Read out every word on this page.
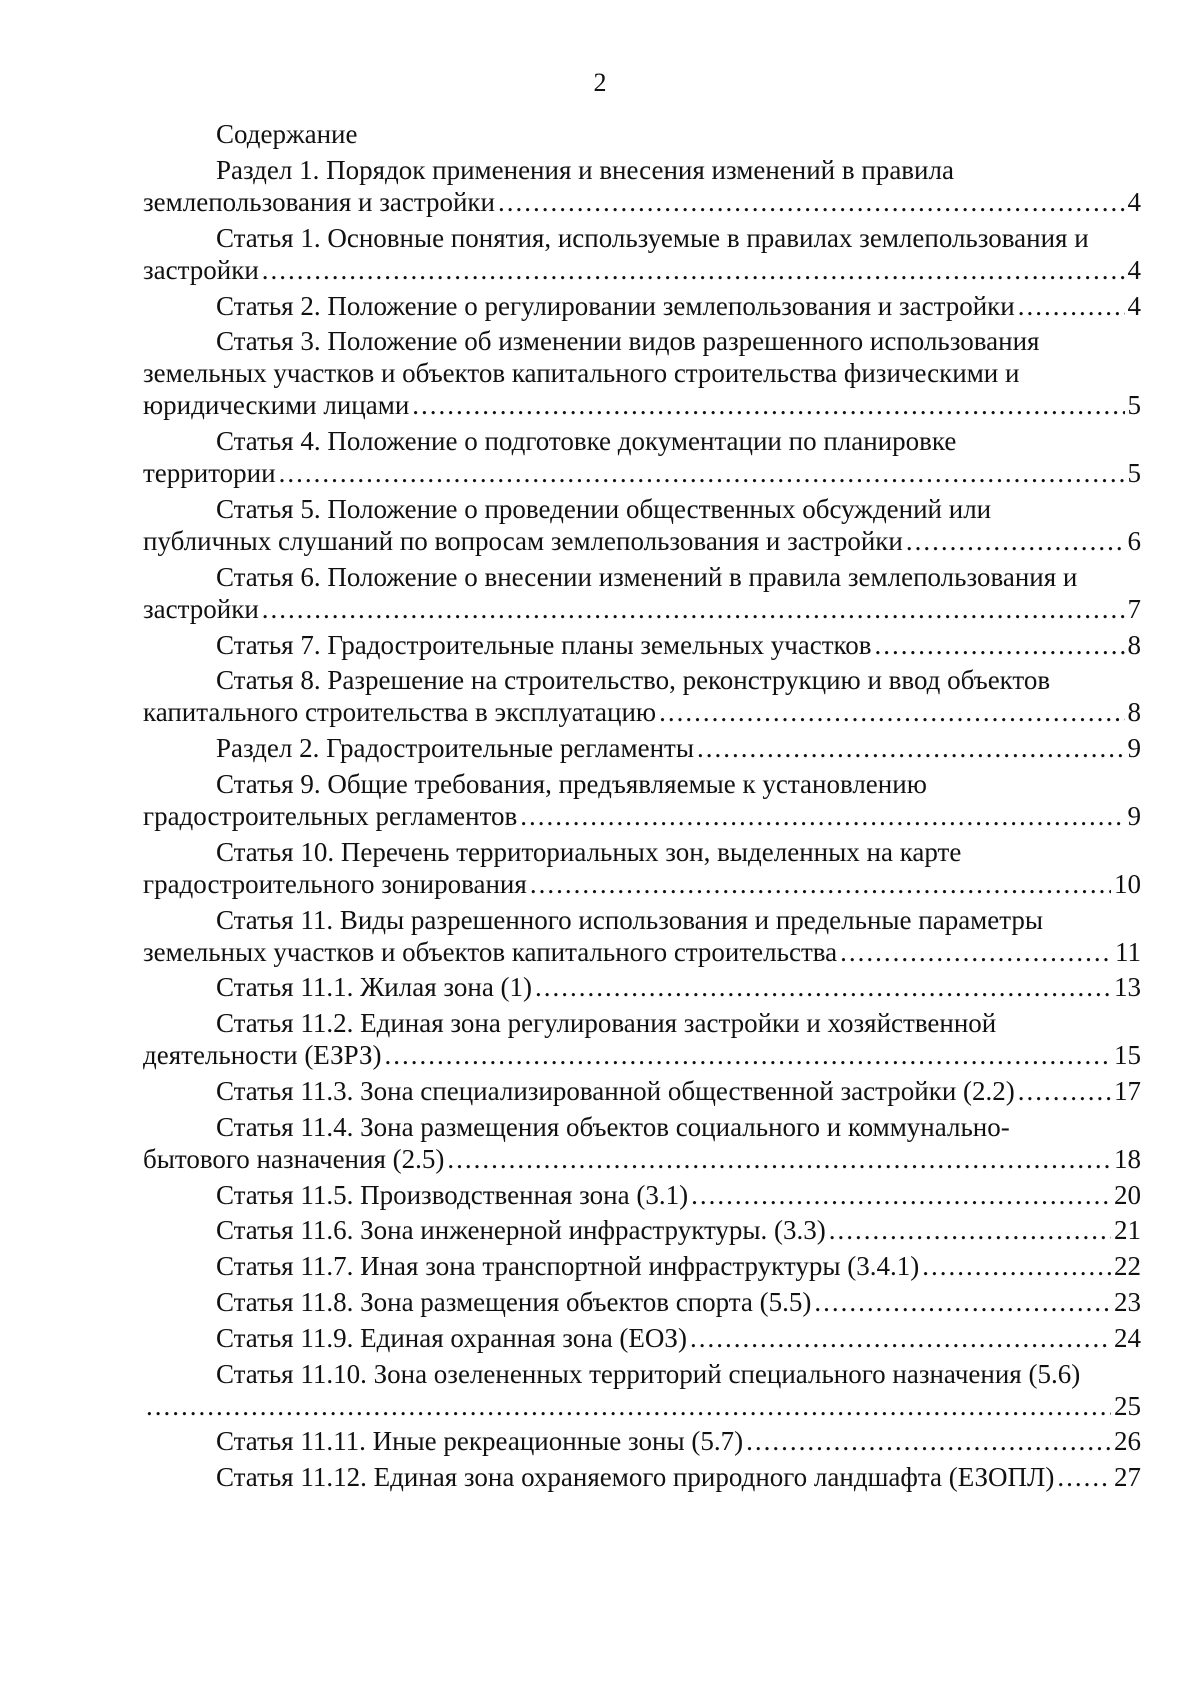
2
Содержание
Раздел 1. Порядок применения и внесения изменений в правила
землепользования и застройки .....	4
Статья 1. Основные понятия, используемые в правилах землепользования и
застройки .....	4
Статья 2. Положение о регулировании землепользования и застройки .....	4
Статья 3. Положение об изменении видов разрешенного использования
земельных участков и объектов капитального строительства физическими и
юридическими лицами .....	5
Статья 4. Положение о подготовке документации по планировке
территории .....	5
Статья 5. Положение о проведении общественных обсуждений или
публичных слушаний по вопросам землепользования и застройки .....	6
Статья 6. Положение о внесении изменений в правила землепользования и
застройки .....	7
Статья 7. Градостроительные планы земельных участков .....	8
Статья 8. Разрешение на строительство, реконструкцию и ввод объектов
капитального строительства в эксплуатацию .....	8
Раздел 2. Градостроительные регламенты .....	9
Статья 9. Общие требования, предъявляемые к установлению
градостроительных регламентов .....	9
Статья 10. Перечень территориальных зон, выделенных на карте
градостроительного зонирования .....	10
Статья 11. Виды разрешенного использования и предельные параметры
земельных участков и объектов капитального строительства .....	11
Статья 11.1. Жилая зона (1) .....	13
Статья 11.2. Единая зона регулирования застройки и хозяйственной
деятельности (ЕЗРЗ) .....	15
Статья 11.3. Зона специализированной общественной застройки (2.2) .....	17
Статья 11.4. Зона размещения объектов социального и коммунально-
бытового назначения (2.5) .....	18
Статья 11.5. Производственная зона (3.1) .....	20
Статья 11.6. Зона инженерной инфраструктуры. (3.3) .....	21
Статья 11.7. Иная зона транспортной инфраструктуры (3.4.1) .....	22
Статья 11.8. Зона размещения объектов спорта (5.5) .....	23
Статья 11.9. Единая охранная зона (ЕОЗ) .....	24
Статья 11.10. Зона озелененных территорий специального назначения (5.6)
.....
25
Статья 11.11. Иные рекреационные зоны (5.7) .....	26
Статья 11.12. Единая зона охраняемого природного ландшафта (ЕЗОПЛ) ..... 27
